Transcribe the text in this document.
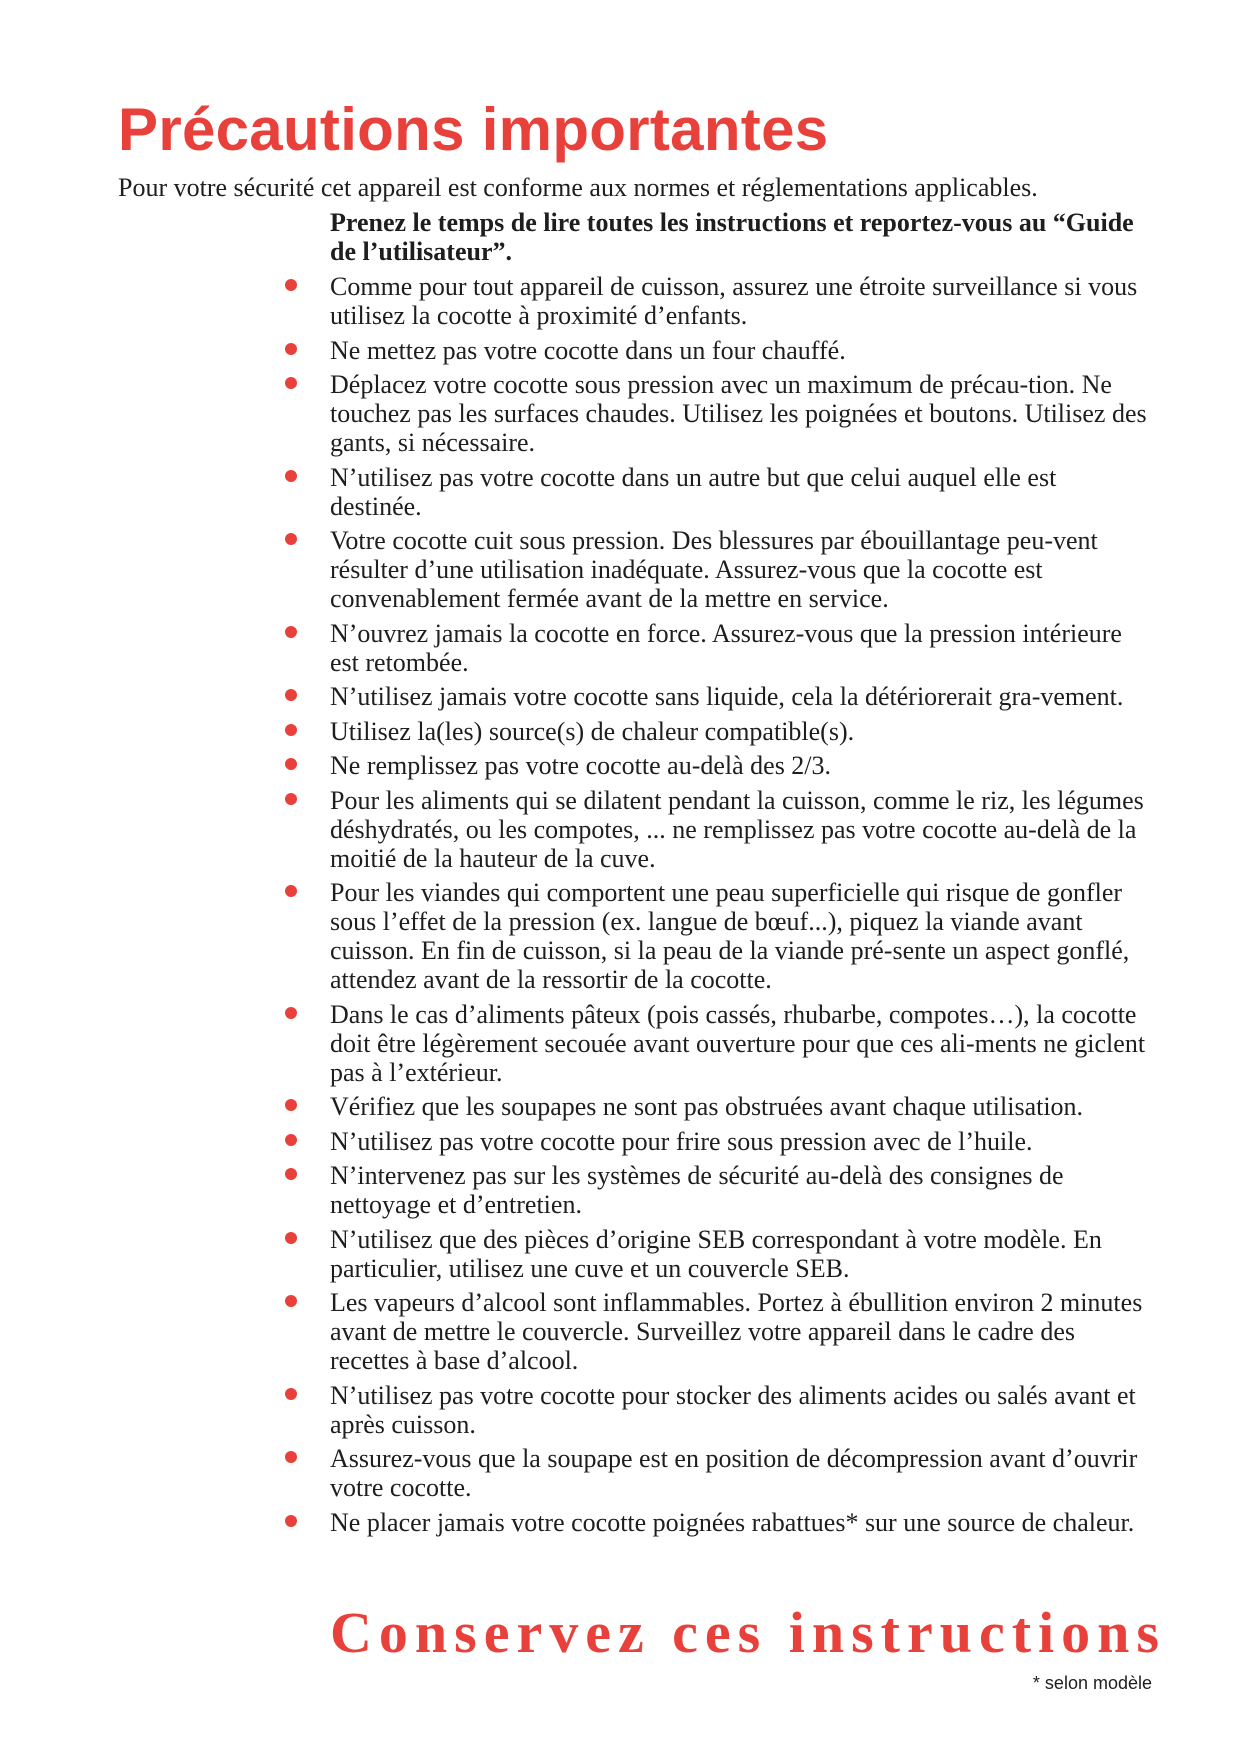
Précautions importantes

Pour votre sécurité cet appareil est conforme aux normes et réglementations applicables.

Prenez le temps de lire toutes les instructions et reportez-vous au “Guide de l’utilisateur”.

Comme pour tout appareil de cuisson, assurez une étroite surveillance si vous utilisez la cocotte à proximité d’enfants.
Ne mettez pas votre cocotte dans un four chauffé.
Déplacez votre cocotte sous pression avec un maximum de précau-tion. Ne touchez pas les surfaces chaudes. Utilisez les poignées et boutons. Utilisez des gants, si nécessaire.
N’utilisez pas votre cocotte dans un autre but que celui auquel elle est destinée.
Votre cocotte cuit sous pression. Des blessures par ébouillantage peu-vent résulter d’une utilisation inadéquate. Assurez-vous que la cocotte est convenablement fermée avant de la mettre en service.
N’ouvrez jamais la cocotte en force. Assurez-vous que la pression intérieure est retombée.
N’utilisez jamais votre cocotte sans liquide, cela la détériorerait gra-vement.
Utilisez la(les) source(s) de chaleur compatible(s).
Ne remplissez pas votre cocotte au-delà des 2/3.
Pour les aliments qui se dilatent pendant la cuisson, comme le riz, les légumes déshydratés, ou les compotes, ... ne remplissez pas votre cocotte au-delà de la moitié de la hauteur de la cuve.
Pour les viandes qui comportent une peau superficielle qui risque de gonfler sous l’effet de la pression (ex. langue de bœuf...), piquez la viande avant cuisson. En fin de cuisson, si la peau de la viande pré-sente un aspect gonflé, attendez avant de la ressortir de la cocotte.
Dans le cas d’aliments pâteux (pois cassés, rhubarbe, compotes…), la cocotte doit être légèrement secouée avant ouverture pour que ces ali-ments ne giclent pas à l’extérieur.
Vérifiez que les soupapes ne sont pas obstruées avant chaque utilisation.
N’utilisez pas votre cocotte pour frire sous pression avec de l’huile.
N’intervenez pas sur les systèmes de sécurité au-delà des consignes de nettoyage et d’entretien.
N’utilisez que des pièces d’origine SEB correspondant à votre modèle. En particulier, utilisez une cuve et un couvercle SEB.
Les vapeurs d’alcool sont inflammables. Portez à ébullition environ 2 minutes avant de mettre le couvercle. Surveillez votre appareil dans le cadre des recettes à base d’alcool.
N’utilisez pas votre cocotte pour stocker des aliments acides ou salés avant et après cuisson.
Assurez-vous que la soupape est en position de décompression avant d’ouvrir votre cocotte.
Ne placer jamais votre cocotte poignées rabattues* sur une source de chaleur.
Conservez ces instructions

* selon modèle
